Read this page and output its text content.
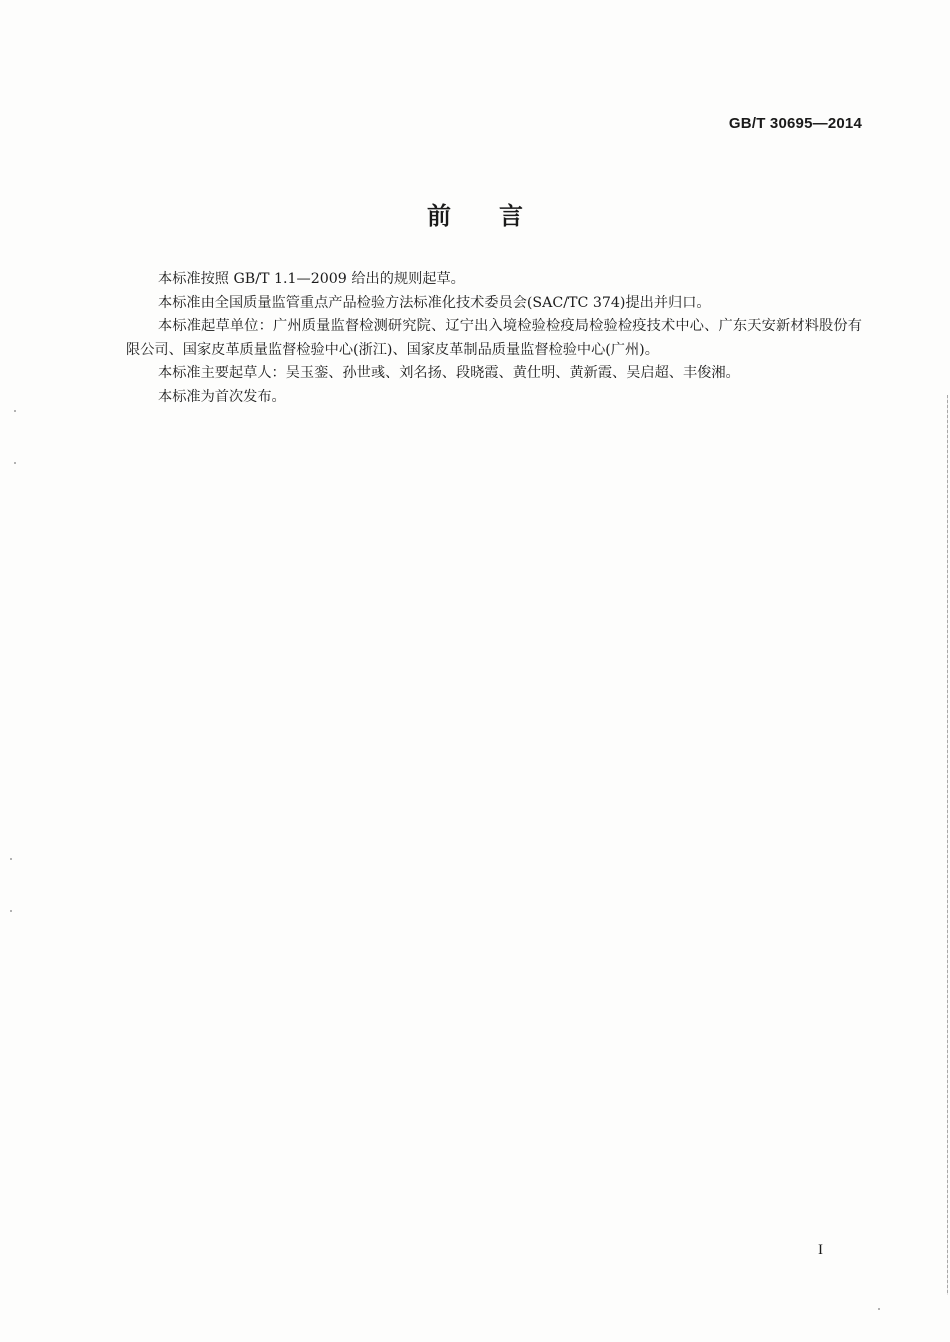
GB/T 30695—2014
前 言

本标准按照 GB/T 1.1—2009 给出的规则起草。

本标准由全国质量监管重点产品检验方法标准化技术委员会(SAC/TC 374)提出并归口。

本标准起草单位：广州质量监督检测研究院、辽宁出入境检验检疫局检验检疫技术中心、广东天安新材料股份有限公司、国家皮革质量监督检验中心(浙江)、国家皮革制品质量监督检验中心(广州)。

本标准主要起草人：吴玉銮、孙世彧、刘名扬、段晓霞、黄仕明、黄新霞、吴启超、丰俊湘。

本标准为首次发布。

I
